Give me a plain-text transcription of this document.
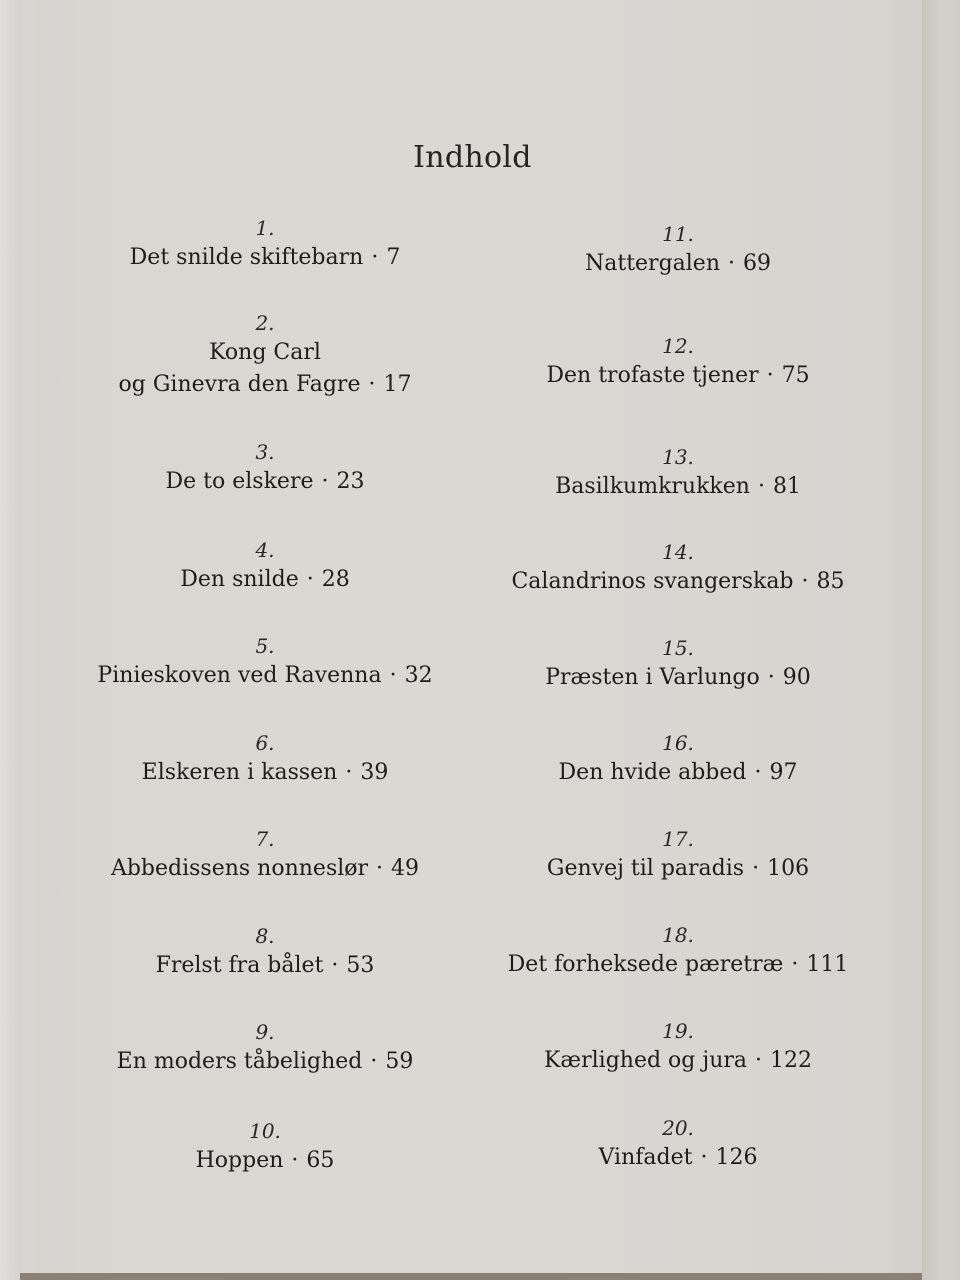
Indhold
1.
Det snilde skiftebarn · 7
2.
Kong Carl
og Ginevra den Fagre · 17
3.
De to elskere · 23
4.
Den snilde · 28
5.
Pinieskoven ved Ravenna · 32
6.
Elskeren i kassen · 39
7.
Abbedissens nonneslør · 49
8.
Frelst fra bålet · 53
9.
En moders tåbelighed · 59
10.
Hoppen · 65
11.
Nattergalen · 69
12.
Den trofaste tjener · 75
13.
Basilkumkrukken · 81
14.
Calandrinos svangerskab · 85
15.
Præsten i Varlungo · 90
16.
Den hvide abbed · 97
17.
Genvej til paradis · 106
18.
Det forheksede pæretræ · 111
19.
Kærlighed og jura · 122
20.
Vinfadet · 126
